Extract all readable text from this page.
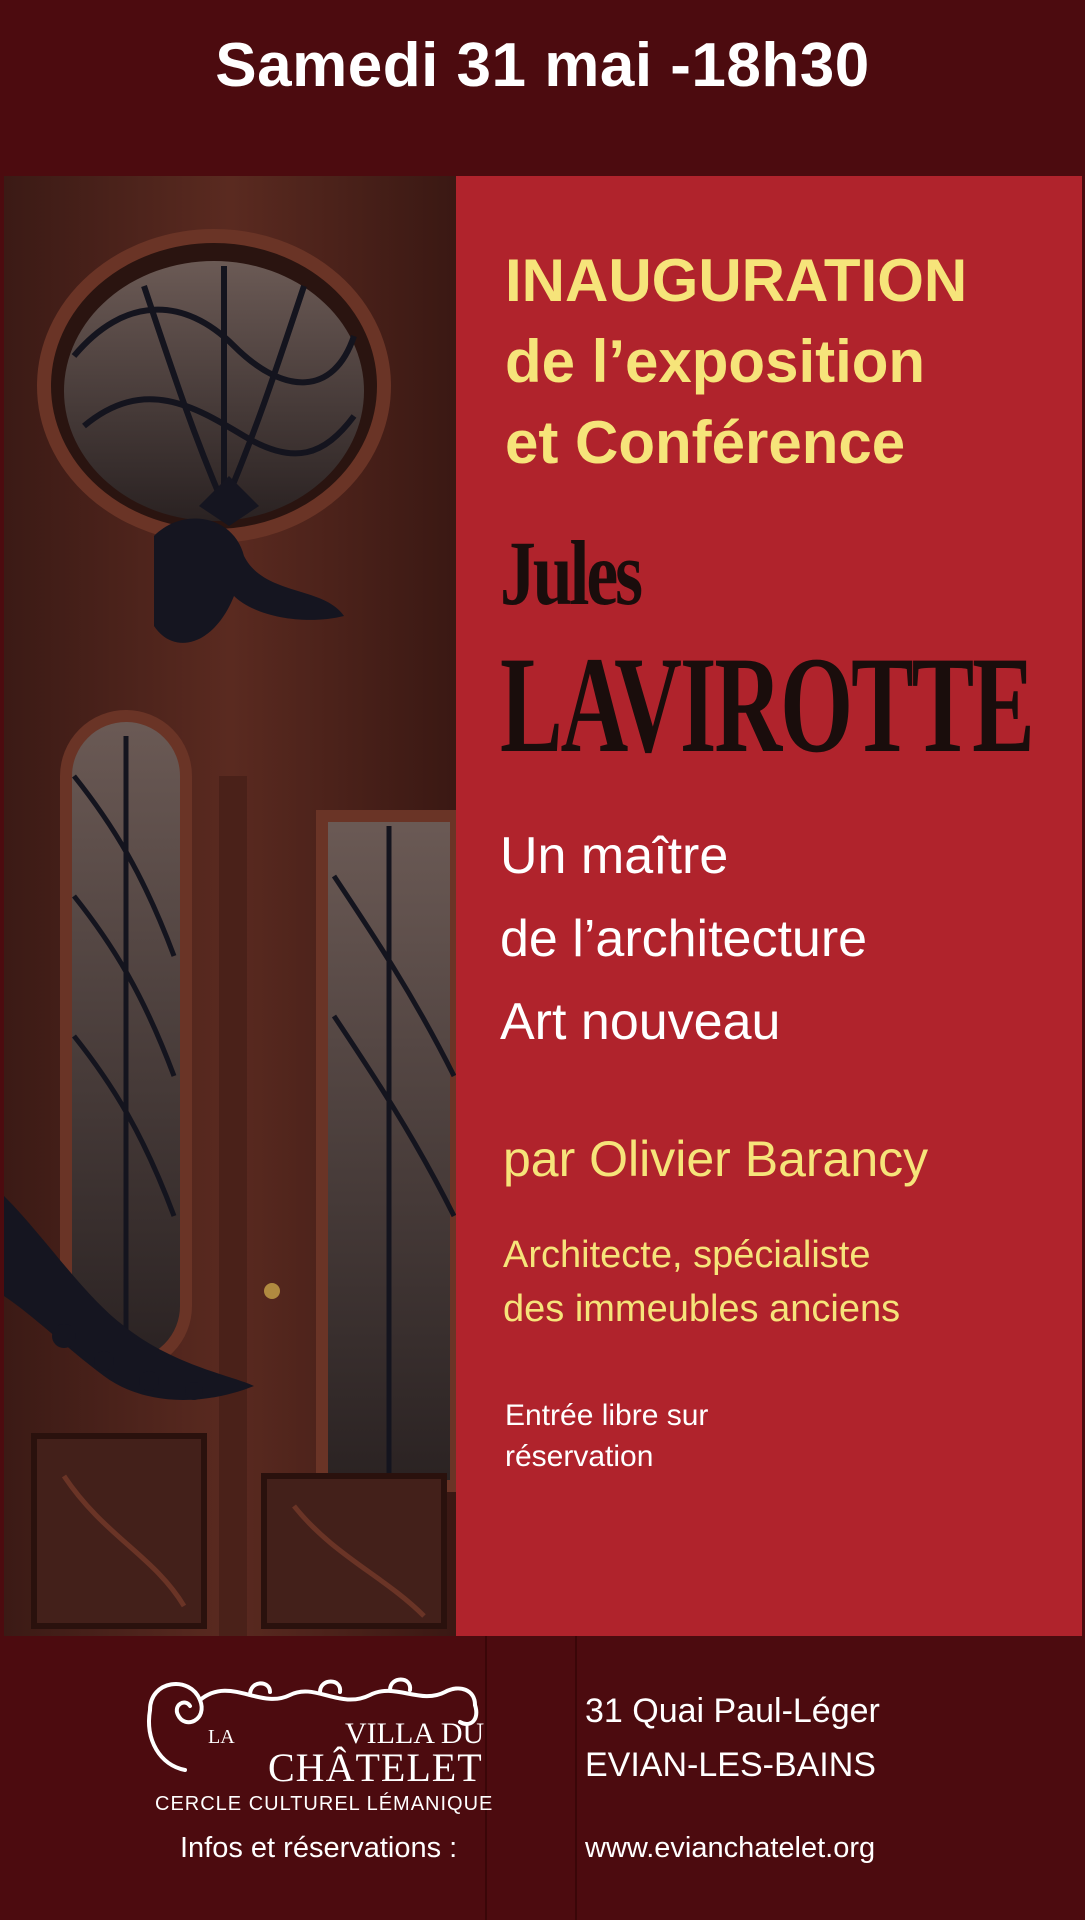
Samedi 31 mai -18h30
INAUGURATION
de l’exposition
et Conférence
Jules
LAVIROTTE
Un maître
de l’architecture
Art nouveau
par Olivier Barancy
Architecte, spécialiste
des immeubles anciens
Entrée libre sur
réservation
LA	VILLA DU
CHÂTELET
CERCLE CULTUREL LÉMANIQUE
Infos et réservations :
31 Quai Paul-Léger
EVIAN-LES-BAINS
www.evianchatelet.org
